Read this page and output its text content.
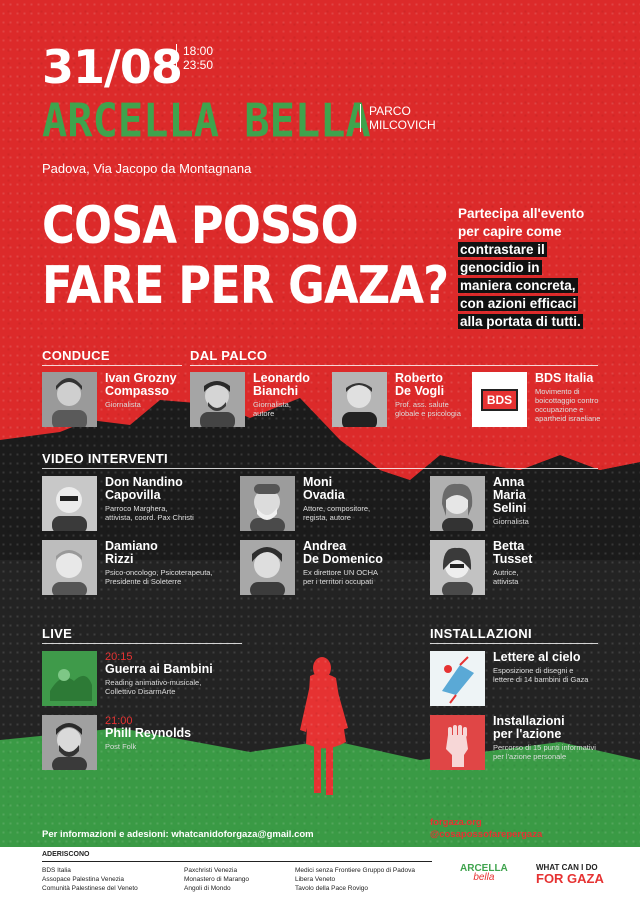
31/08 18:00
23:50
ARCELLA BELLA
PARCO
MILCOVICH
Padova, Via Jacopo da Montagnana
COSA POSSO
FARE PER GAZA?
Partecipa all'evento
per capire come
contrastare il
genocidio in
maniera concreta,
con azioni efficaci
alla portata di tutti.
CONDUCE	DAL PALCO
Ivan Grozny
Compasso
Giornalista
Leonardo
Bianchi
Giornalista,
autore
Roberto
De Vogli
Prof. ass. salute
globale e psicologia
BDS
BDS Italia
Movimento di
boicottaggio contro
occupazione e
apartheid israeliane
VIDEO INTERVENTI
Don Nandino
Capovilla
Parroco Marghera,
attivista, coord. Pax Christi
Moni
Ovadia
Attore, compositore,
regista, autore
Anna
Maria
Selini
Giornalista
Damiano
Rizzi
Psico-oncologo, Psicoterapeuta,
Presidente di Soleterre
Andrea
De Domenico
Ex direttore UN OCHA
per i territori occupati
Betta
Tusset
Autrice,
attivista
LIVE
20:15
Guerra ai Bambini
Reading animativo-musicale,
Collettivo DisarmArte
21:00
Phill Reynolds
Post Folk
INSTALLAZIONI
Lettere al cielo
Esposizione di disegni e
lettere di 14 bambini di Gaza
Installazioni
per l'azione
Percorso di 15 punti informativi
per l'azione personale
Per informazioni e adesioni: whatcanidoforgaza@gmail.com
forgaza.org
@cosapossofarepergaza
ADERISCONO
BDS Italia
Assopace Palestina Venezia
Comunità Palestinese del Veneto
Paxchristi Venezia
Monastero di Marango
Angoli di Mondo
Medici senza Frontiere Gruppo di Padova
Libera Veneto
Tavolo della Pace Rovigo
ARCELLA
bella
WHAT CAN I DO
FOR GAZA
